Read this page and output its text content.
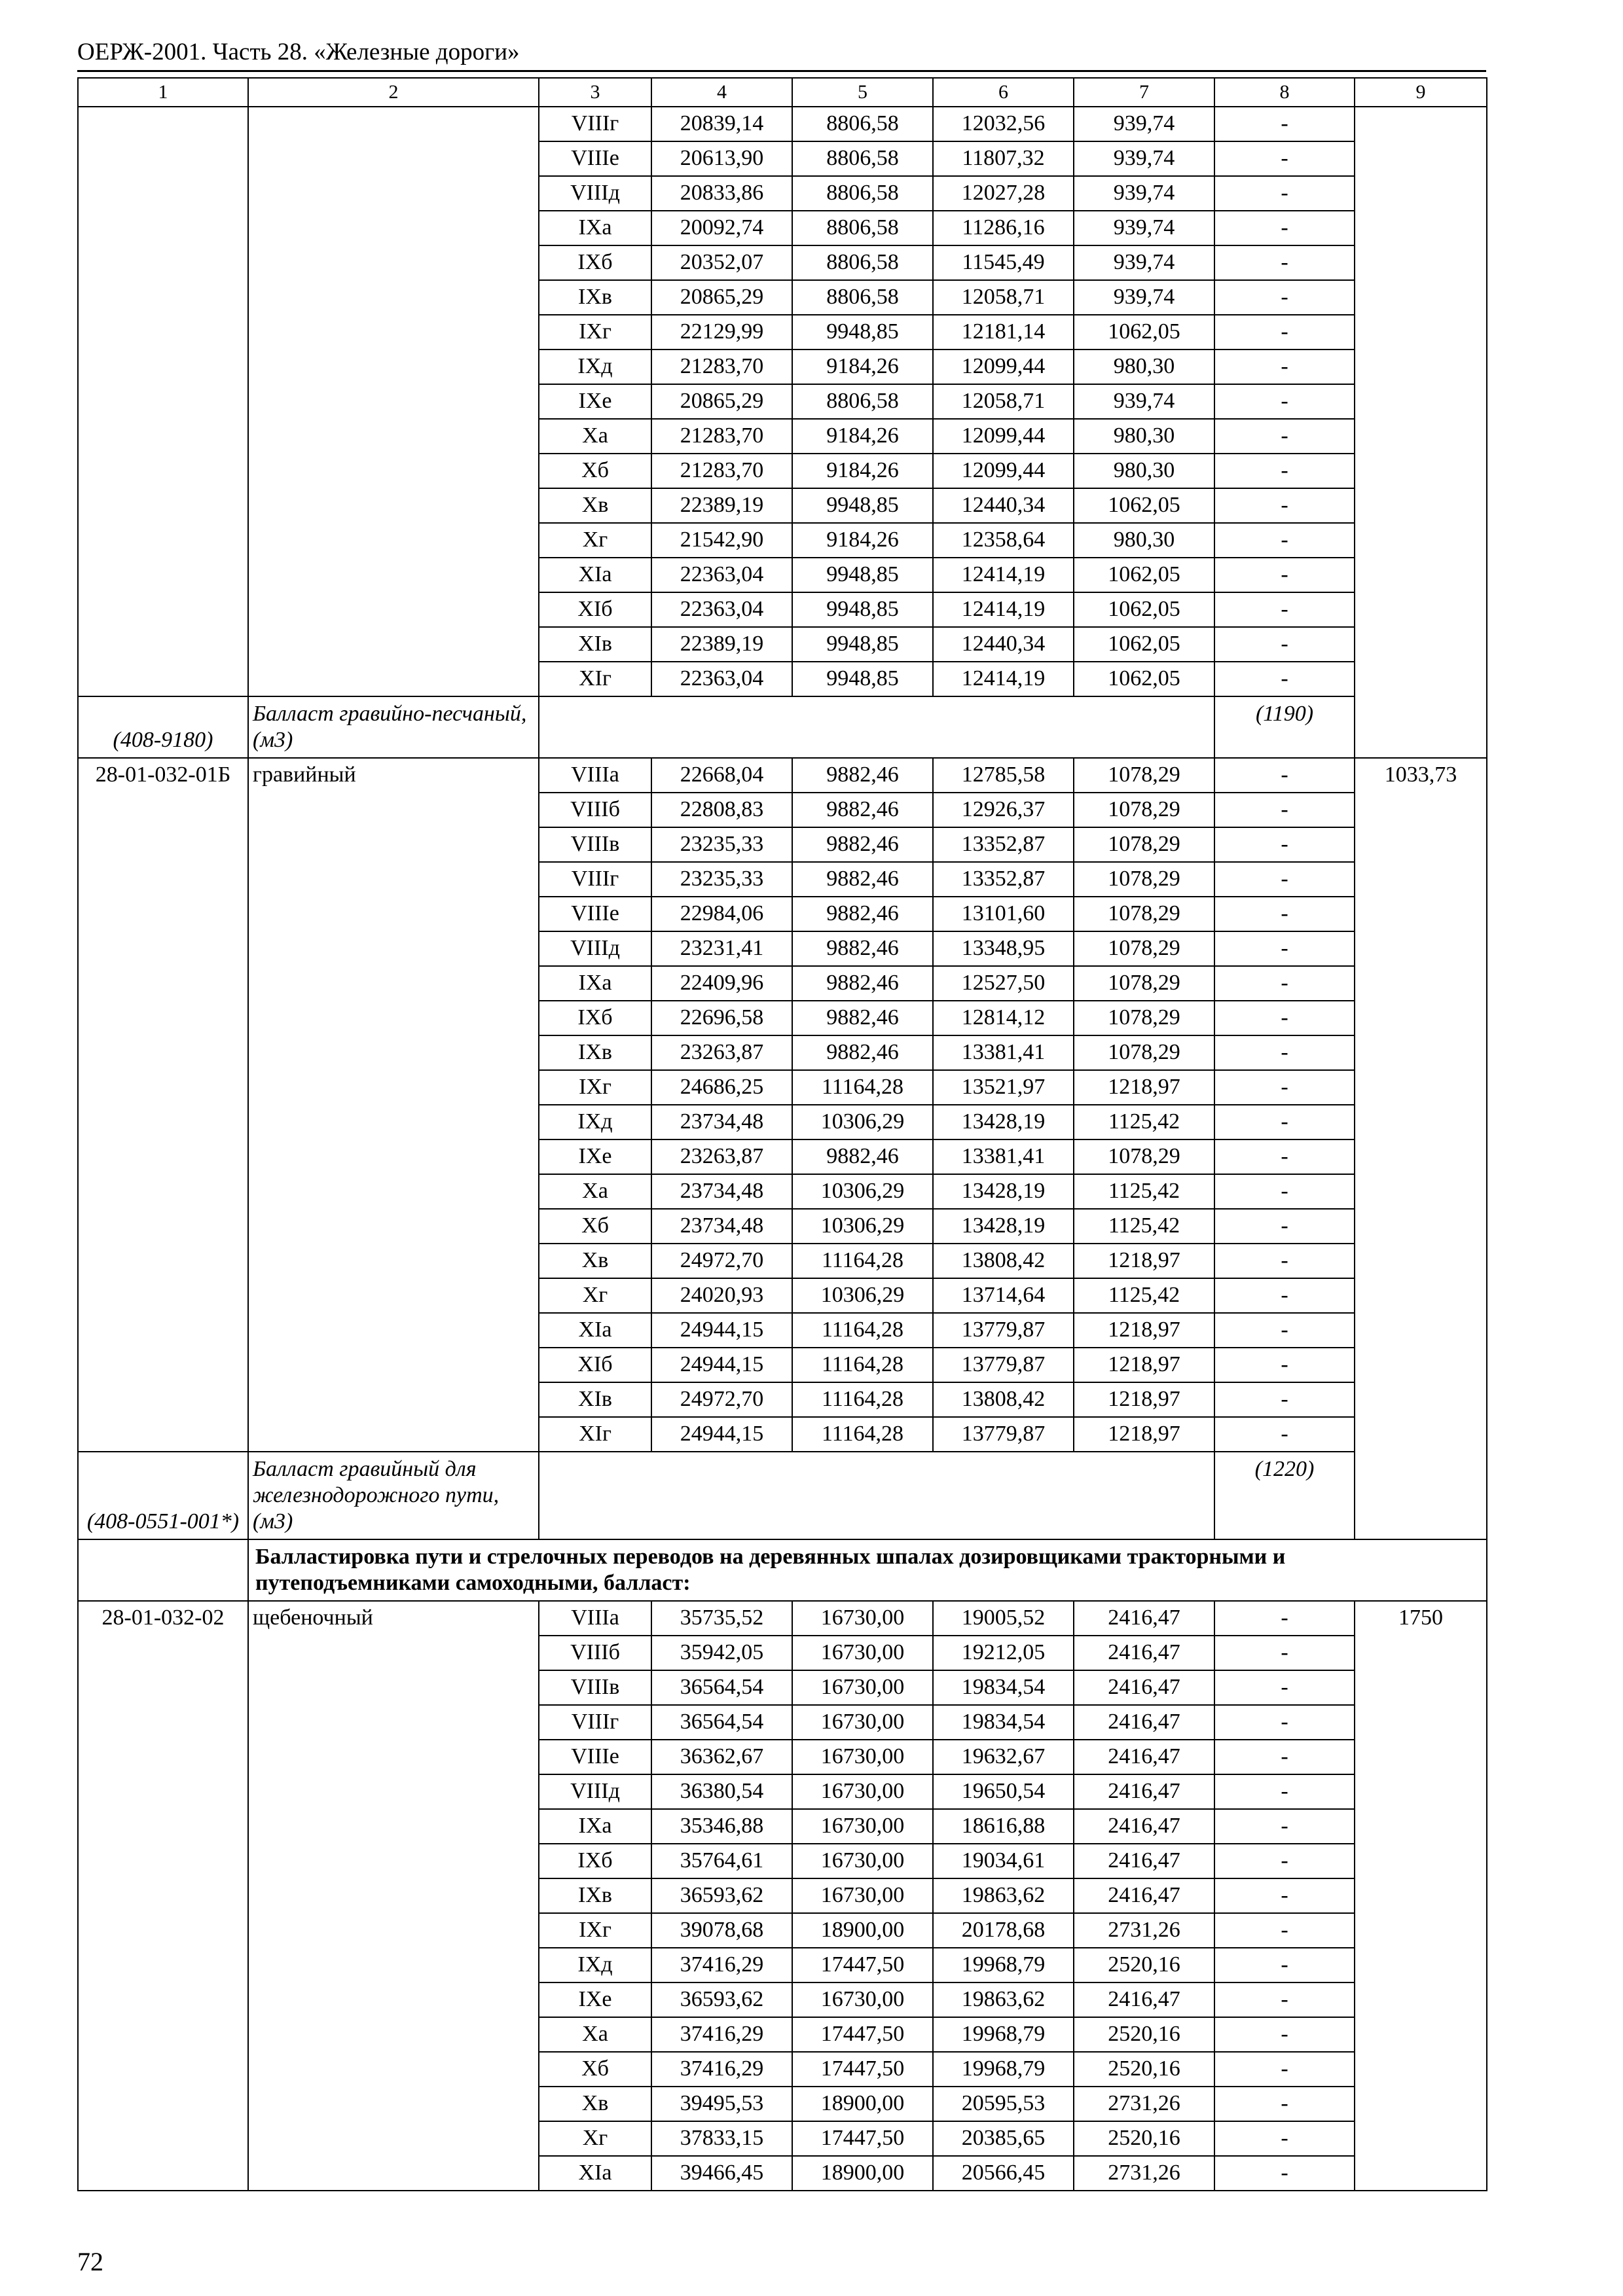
ОЕРЖ-2001. Часть 28. «Железные дороги»
1	2	3	4	5	6	7	8	9
		VIIIг	20839,14	8806,58	12032,56	939,74	-	
		VIIIе	20613,90	8806,58	11807,32	939,74	-	
		VIIIд	20833,86	8806,58	12027,28	939,74	-	
		IXа	20092,74	8806,58	11286,16	939,74	-	
		IXб	20352,07	8806,58	11545,49	939,74	-	
		IXв	20865,29	8806,58	12058,71	939,74	-	
		IXг	22129,99	9948,85	12181,14	1062,05	-	
		IXд	21283,70	9184,26	12099,44	980,30	-	
		IXе	20865,29	8806,58	12058,71	939,74	-	
		Xа	21283,70	9184,26	12099,44	980,30	-	
		Xб	21283,70	9184,26	12099,44	980,30	-	
		Xв	22389,19	9948,85	12440,34	1062,05	-	
		Xг	21542,90	9184,26	12358,64	980,30	-	
		XIа	22363,04	9948,85	12414,19	1062,05	-	
		XIб	22363,04	9948,85	12414,19	1062,05	-	
		XIв	22389,19	9948,85	12440,34	1062,05	-	
		XIг	22363,04	9948,85	12414,19	1062,05	-	
(408-9180)	Балласт гравийно-песчаный, (м3)						(1190)	
28-01-032-01Б	гравийный	VIIIа	22668,04	9882,46	12785,58	1078,29	-	1033,73
		VIIIб	22808,83	9882,46	12926,37	1078,29	-	
		VIIIв	23235,33	9882,46	13352,87	1078,29	-	
		VIIIг	23235,33	9882,46	13352,87	1078,29	-	
		VIIIе	22984,06	9882,46	13101,60	1078,29	-	
		VIIIд	23231,41	9882,46	13348,95	1078,29	-	
		IXа	22409,96	9882,46	12527,50	1078,29	-	
		IXб	22696,58	9882,46	12814,12	1078,29	-	
		IXв	23263,87	9882,46	13381,41	1078,29	-	
		IXг	24686,25	11164,28	13521,97	1218,97	-	
		IXд	23734,48	10306,29	13428,19	1125,42	-	
		IXе	23263,87	9882,46	13381,41	1078,29	-	
		Xа	23734,48	10306,29	13428,19	1125,42	-	
		Xб	23734,48	10306,29	13428,19	1125,42	-	
		Xв	24972,70	11164,28	13808,42	1218,97	-	
		Xг	24020,93	10306,29	13714,64	1125,42	-	
		XIа	24944,15	11164,28	13779,87	1218,97	-	
		XIб	24944,15	11164,28	13779,87	1218,97	-	
		XIв	24972,70	11164,28	13808,42	1218,97	-	
		XIг	24944,15	11164,28	13779,87	1218,97	-	
(408-0551-001*)	Балласт гравийный для железнодорожного пути, (м3)						(1220)	
	Балластировка пути и стрелочных переводов на деревянных шпалах дозировщиками тракторными и путеподъемниками самоходными, балласт:							
28-01-032-02	щебеночный	VIIIа	35735,52	16730,00	19005,52	2416,47	-	1750
		VIIIб	35942,05	16730,00	19212,05	2416,47	-	
		VIIIв	36564,54	16730,00	19834,54	2416,47	-	
		VIIIг	36564,54	16730,00	19834,54	2416,47	-	
		VIIIе	36362,67	16730,00	19632,67	2416,47	-	
		VIIIд	36380,54	16730,00	19650,54	2416,47	-	
		IXа	35346,88	16730,00	18616,88	2416,47	-	
		IXб	35764,61	16730,00	19034,61	2416,47	-	
		IXв	36593,62	16730,00	19863,62	2416,47	-	
		IXг	39078,68	18900,00	20178,68	2731,26	-	
		IXд	37416,29	17447,50	19968,79	2520,16	-	
		IXе	36593,62	16730,00	19863,62	2416,47	-	
		Xа	37416,29	17447,50	19968,79	2520,16	-	
		Xб	37416,29	17447,50	19968,79	2520,16	-	
		Xв	39495,53	18900,00	20595,53	2731,26	-	
		Xг	37833,15	17447,50	20385,65	2520,16	-	
		XIа	39466,45	18900,00	20566,45	2731,26	-	
72
